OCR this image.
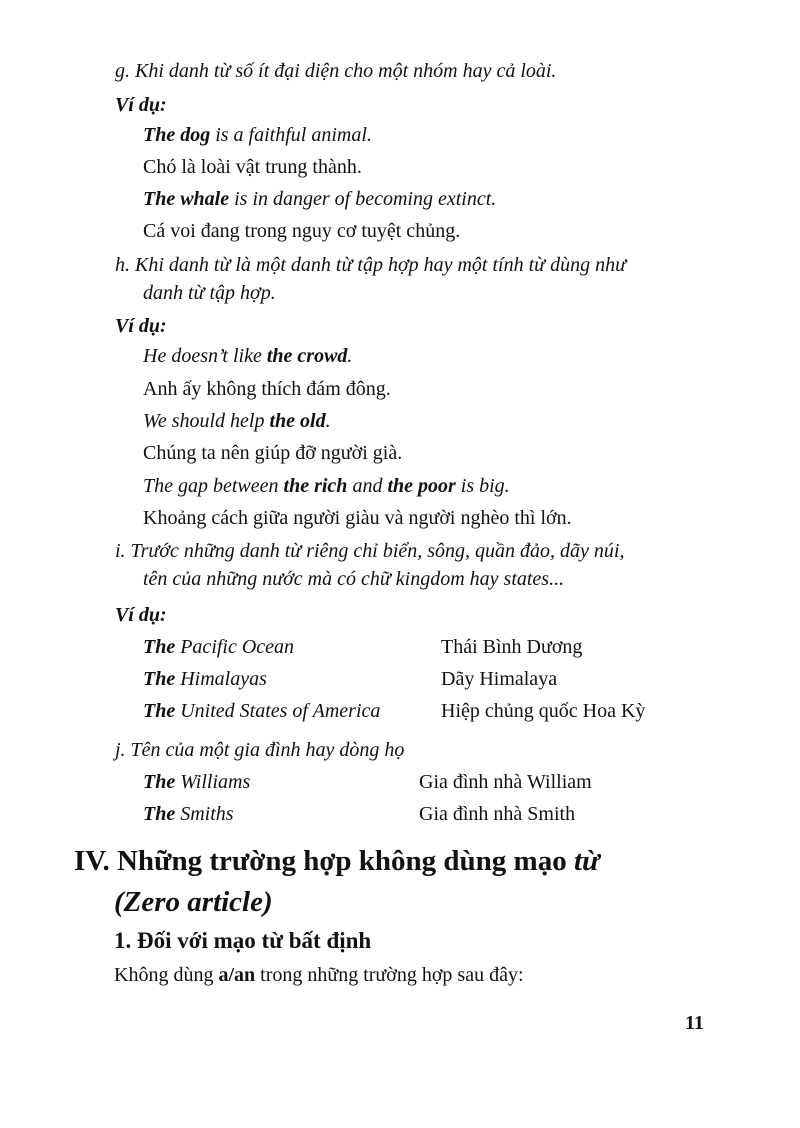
g. Khi danh từ số ít đại diện cho một nhóm hay cả loài.
Ví dụ:
The dog is a faithful animal.
Chó là loài vật trung thành.
The whale is in danger of becoming extinct.
Cá voi đang trong nguy cơ tuyệt chủng.
h. Khi danh từ là một danh từ tập hợp hay một tính từ dùng như
danh từ tập hợp.
Ví dụ:
He doesn’t like the crowd.
Anh ấy không thích đám đông.
We should help the old.
Chúng ta nên giúp đỡ người già.
The gap between the rich and the poor is big.
Khoảng cách giữa người giàu và người nghèo thì lớn.
i. Trước những danh từ riêng chỉ biển, sông, quần đảo, dãy núi,
tên của những nước mà có chữ kingdom hay states...
Ví dụ:
The Pacific Ocean	Thái Bình Dương
The Himalayas	Dãy Himalaya
The United States of America	Hiệp chủng quốc Hoa Kỳ
j. Tên của một gia đình hay dòng họ
The Williams	Gia đình nhà William
The Smiths	Gia đình nhà Smith
IV. Những trường hợp không dùng mạo từ
(Zero article)
1. Đối với mạo từ bất định
Không dùng a/an trong những trường hợp sau đây:
11
